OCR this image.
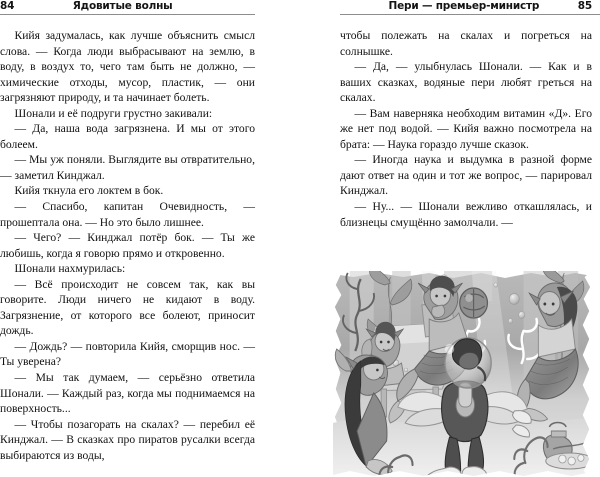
84	Ядовитые волны

Кийя задумалась, как лучше объяснить смысл слова. — Когда люди выбрасывают на землю, в воду, в воздух то, чего там быть не должно, — химические отходы, мусор, пластик, — они загрязняют природу, и та начинает болеть.

Шонали и её подруги грустно закивали:

— Да, наша вода загрязнена. И мы от этого болеем.

— Мы уж поняли. Выглядите вы отвратительно, — заметил Кинджал.

Кийя ткнула его локтем в бок.

— Спасибо, капитан Очевидность, — прошептала она. — Но это было лишнее.

— Чего? — Кинджал потёр бок. — Ты же любишь, когда я говорю прямо и откровенно.

Шонали нахмурилась:

— Всё происходит не совсем так, как вы говорите. Люди ничего не кидают в воду. Загрязнение, от которого все болеют, приносит дождь.

— Дождь? — повторила Кийя, сморщив нос. — Ты уверена?

— Мы так думаем, — серьёзно ответила Шонали. — Каждый раз, когда мы поднимаемся на поверхность...

— Чтобы позагорать на скалах? — перебил её Кинджал. — В сказках про пиратов русалки всегда выбираются из воды,

Пери — премьер-министр	85

чтобы полежать на скалах и погреться на солнышке.

— Да, — улыбнулась Шонали. — Как и в ваших сказках, водяные пери любят греться на скалах.

— Вам наверняка необходим витамин «Д». Его же нет под водой. — Кийя важно посмотрела на брата: — Наука гораздо лучше сказок.

— Иногда наука и выдумка в разной форме дают ответ на один и тот же вопрос, — парировал Кинджал.

— Ну... — Шонали вежливо откашлялась, и близнецы смущённо замолчали. —
